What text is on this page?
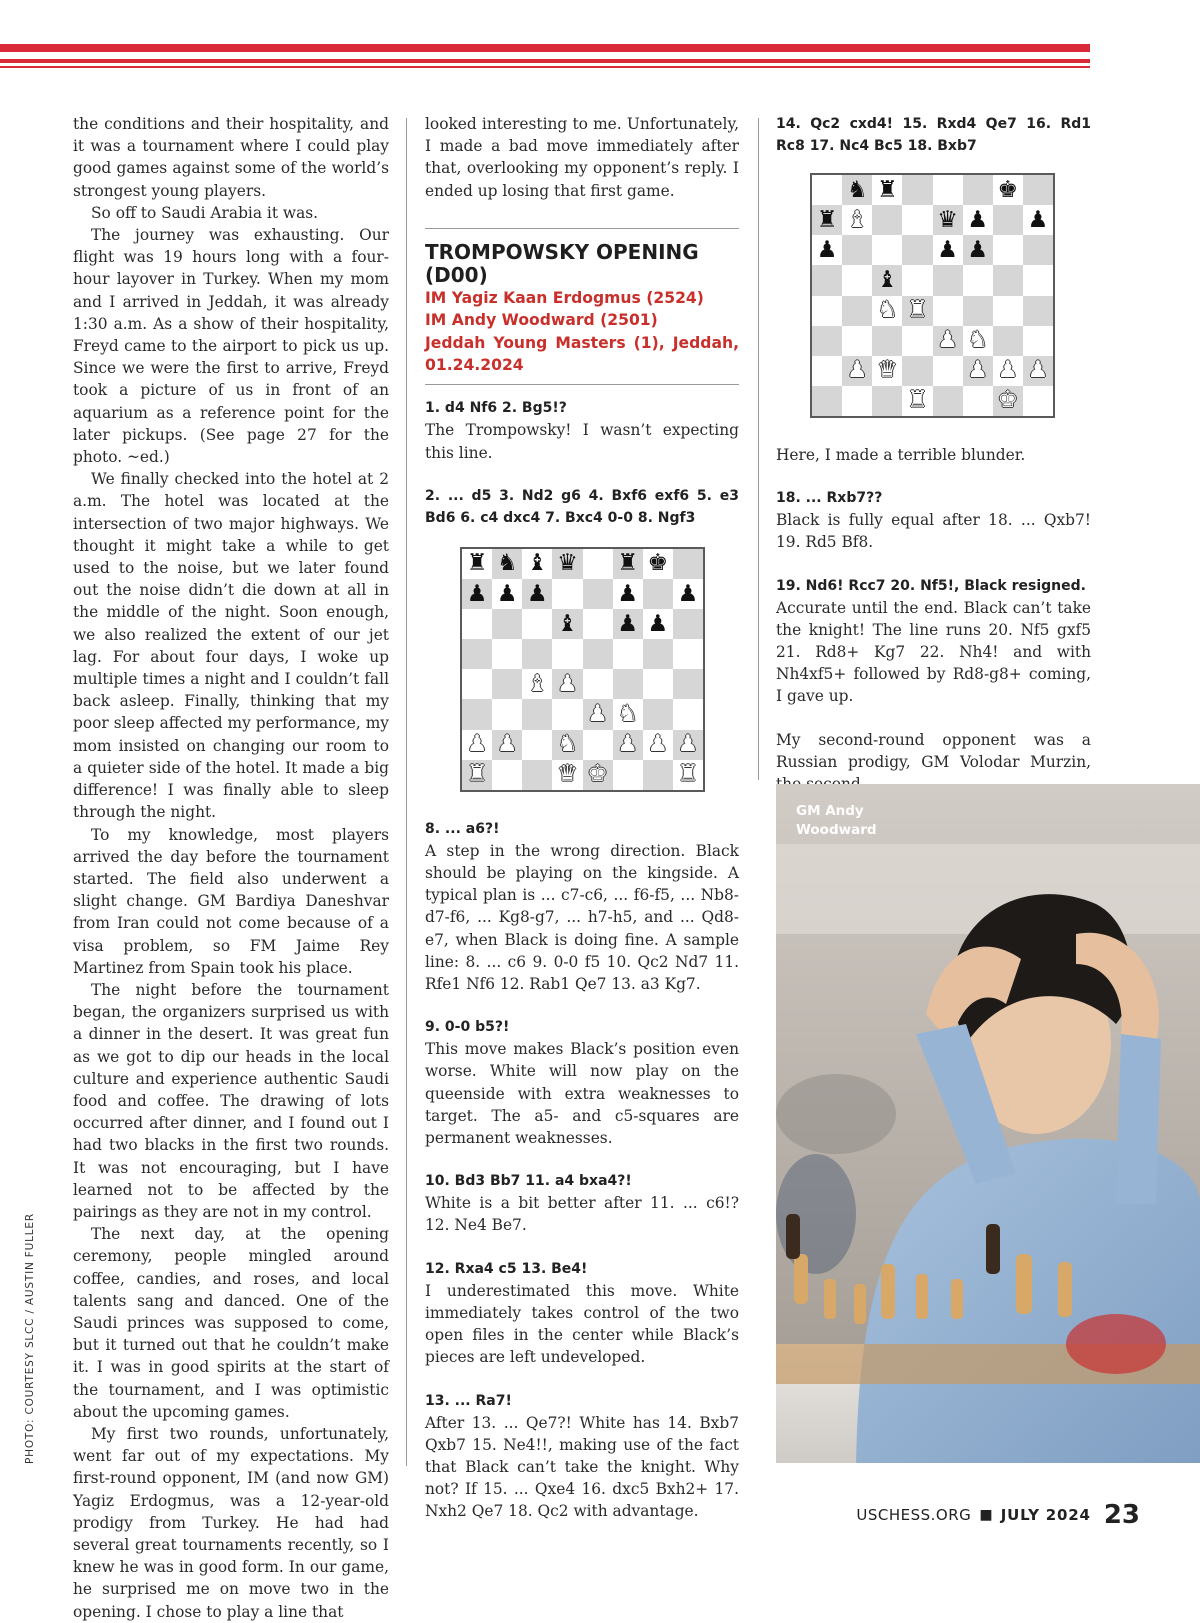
PHOTO: COURTESY SLCC / AUSTIN FULLER

the conditions and their hospitality, and it was a tournament where I could play good games against some of the world’s strongest young players.

So off to Saudi Arabia it was.

The journey was exhausting. Our flight was 19 hours long with a four-hour layover in Turkey. When my mom and I arrived in Jeddah, it was already 1:30 a.m. As a show of their hospitality, Freyd came to the airport to pick us up. Since we were the first to arrive, Freyd took a picture of us in front of an aquarium as a reference point for the later pickups. (See page 27 for the photo. ~ed.)

We finally checked into the hotel at 2 a.m. The hotel was located at the intersection of two major highways. We thought it might take a while to get used to the noise, but we later found out the noise didn’t die down at all in the middle of the night. Soon enough, we also realized the extent of our jet lag. For about four days, I woke up multiple times a night and I couldn’t fall back asleep. Finally, thinking that my poor sleep affected my performance, my mom insisted on changing our room to a quieter side of the hotel. It made a big difference! I was finally able to sleep through the night.

To my knowledge, most players arrived the day before the tournament started. The field also underwent a slight change. GM Bardiya Daneshvar from Iran could not come because of a visa problem, so FM Jaime Rey Martinez from Spain took his place.

The night before the tournament began, the organizers surprised us with a dinner in the desert. It was great fun as we got to dip our heads in the local culture and experience authentic Saudi food and coffee. The drawing of lots occurred after dinner, and I found out I had two blacks in the first two rounds. It was not encouraging, but I have learned not to be affected by the pairings as they are not in my control.

The next day, at the opening ceremony, people mingled around coffee, candies, and roses, and local talents sang and danced. One of the Saudi princes was supposed to come, but it turned out that he couldn’t make it. I was in good spirits at the start of the tournament, and I was optimistic about the upcoming games.

My first two rounds, unfortunately, went far out of my expectations. My first-round opponent, IM (and now GM) Yagiz Erdogmus, was a 12-year-old prodigy from Turkey. He had had several great tournaments recently, so I knew he was in good form. In our game, he surprised me on move two in the opening. I chose to play a line that

looked interesting to me. Unfortunately, I made a bad move immediately after that, overlooking my opponent’s reply. I ended up losing that first game.

TROMPOWSKY OPENING (D00)

IM Yagiz Kaan Erdogmus (2524)

IM Andy Woodward (2501)

Jeddah Young Masters (1), Jeddah, 01.24.2024

1. d4 Nf6 2. Bg5!?

The Trompowsky! I wasn’t expecting this line.

2. ... d5 3. Nd2 g6 4. Bxf6 exf6 5. e3 Bd6 6. c4 dxc4 7. Bxc4 0-0 8. Ngf3

♜ ♞ ♝ ♛ ♜ ♚
♟ ♟ ♟	♟ ♟
♝ ♟ ♟
♝ ♟
♟ ♞
♟ ♟ ♞ ♟ ♟ ♟
♜	♛ ♚	♜

8. ... a6?!

A step in the wrong direction. Black should be playing on the kingside. A typical plan is ... c7-c6, ... f6-f5, ... Nb8-d7-f6, ... Kg8-g7, ... h7-h5, and ... Qd8-e7, when Black is doing fine. A sample line: 8. ... c6 9. 0-0 f5 10. Qc2 Nd7 11. Rfe1 Nf6 12. Rab1 Qe7 13. a3 Kg7.

9. 0-0 b5?!

This move makes Black’s position even worse. White will now play on the queenside with extra weaknesses to target. The a5- and c5-squares are permanent weaknesses.

10. Bd3 Bb7 11. a4 bxa4?!

White is a bit better after 11. ... c6!? 12. Ne4 Be7.

12. Rxa4 c5 13. Be4!

I underestimated this move. White immediately takes control of the two open files in the center while Black’s pieces are left undeveloped.

13. ... Ra7!

After 13. ... Qe7?! White has 14. Bxb7 Qxb7 15. Ne4!!, making use of the fact that Black can’t take the knight. Why not? If 15. ... Qxe4 16. dxc5 Bxh2+ 17. Nxh2 Qe7 18. Qc2 with advantage.

14. Qc2 cxd4! 15. Rxd4 Qe7 16. Rd1 Rc8 17. Nc4 Bc5 18. Bxb7

♞ ♜	♚
♜ ♝	♛ ♟ ♟
♟	♟ ♟
♝
♞ ♜
♟ ♞
♟ ♛	♟ ♟ ♟
♜	♚

Here, I made a terrible blunder.

18. ... Rxb7??

Black is fully equal after 18. ... Qxb7! 19. Rd5 Bf8.

19. Nd6! Rcc7 20. Nf5!, Black resigned.

Accurate until the end. Black can’t take the knight! The line runs 20. Nf5 gxf5 21. Rd8+ Kg7 22. Nh4! and with Nh4xf5+ followed by Rd8-g8+ coming, I gave up.

My second-round opponent was a Russian prodigy, GM Volodar Murzin,

GM Andy Woodward
USCHESS.ORG ■ JULY 2024 23
